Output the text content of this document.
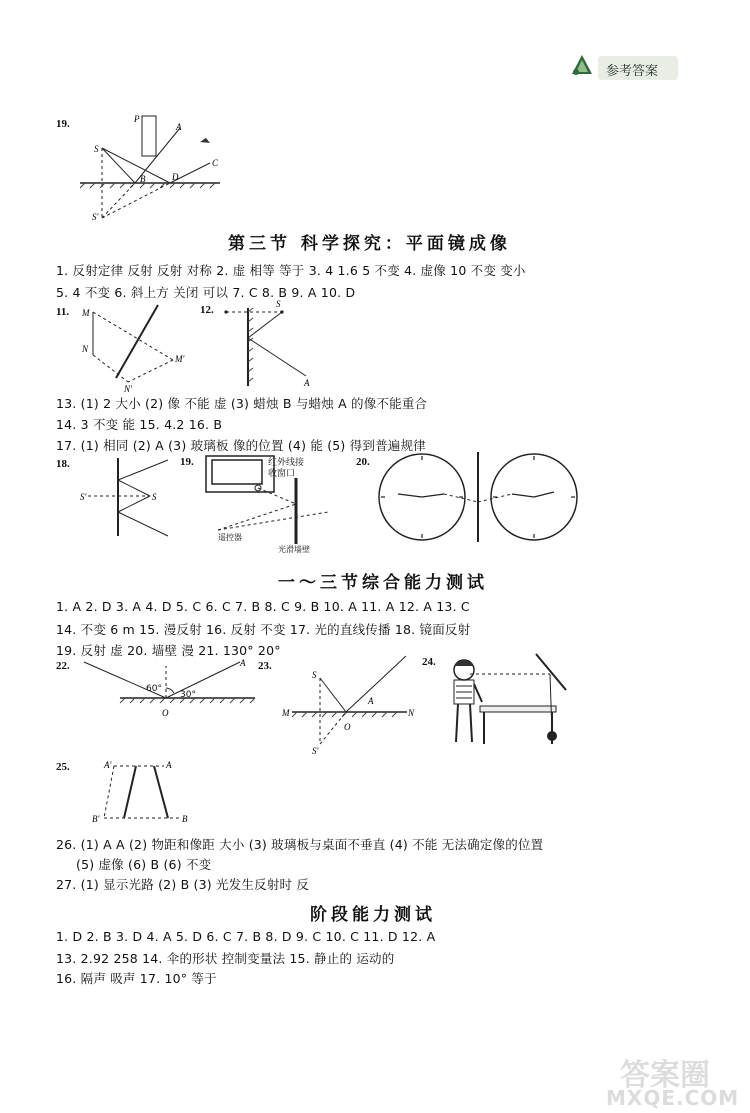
参考答案
19.
S
P
A
B	D
C
S'
第三节 科学探究：平面镜成像
1. 反射定律 反射 反射 对称 2. 虚 相等 等于 3. 4 1.6 5 不变 4. 虚像 10 不变 变小
5. 4 不变 6. 斜上方 关闭 可以 7. C 8. B 9. A 10. D
11. M
N
M'
N'
12.	S
A
13. (1) 2 大小 (2) 像 不能 虚 (3) 蜡烛 B 与蜡烛 A 的像不能重合
14. 3 不变 能 15. 4.2 16. B
17. (1) 相同 (2) A (3) 玻璃板 像的位置 (4) 能 (5) 得到普遍规律
18.
S'	S
19.	红外线接
收窗口
遥控器
光滑墙壁
20.
一～三节综合能力测试
1. A 2. D 3. A 4. D 5. C 6. C 7. B 8. C 9. B 10. A 11. A 12. A 13. C
14. 不变 6 m 15. 漫反射 16. 反射 不变 17. 光的直线传播 18. 镜面反射
19. 反射 虚 20. 墙壁 漫 21. 130° 20°
22.
O
A
60°
30°
23.
S
M	N
O
A
S'
24.
25.	A'	A
B'	B
26. (1) A A (2) 物距和像距 大小 (3) 玻璃板与桌面不垂直 (4) 不能 无法确定像的位置
(5) 虚像 (6) B (6) 不变
27. (1) 显示光路 (2) B (3) 光发生反射时 反
阶段能力测试
1. D 2. B 3. D 4. A 5. D 6. C 7. B 8. D 9. C 10. C 11. D 12. A
13. 2.92 258 14. 伞的形状 控制变量法 15. 静止的 运动的
16. 隔声 吸声 17. 10° 等于
答案圈
MXQE.COM
